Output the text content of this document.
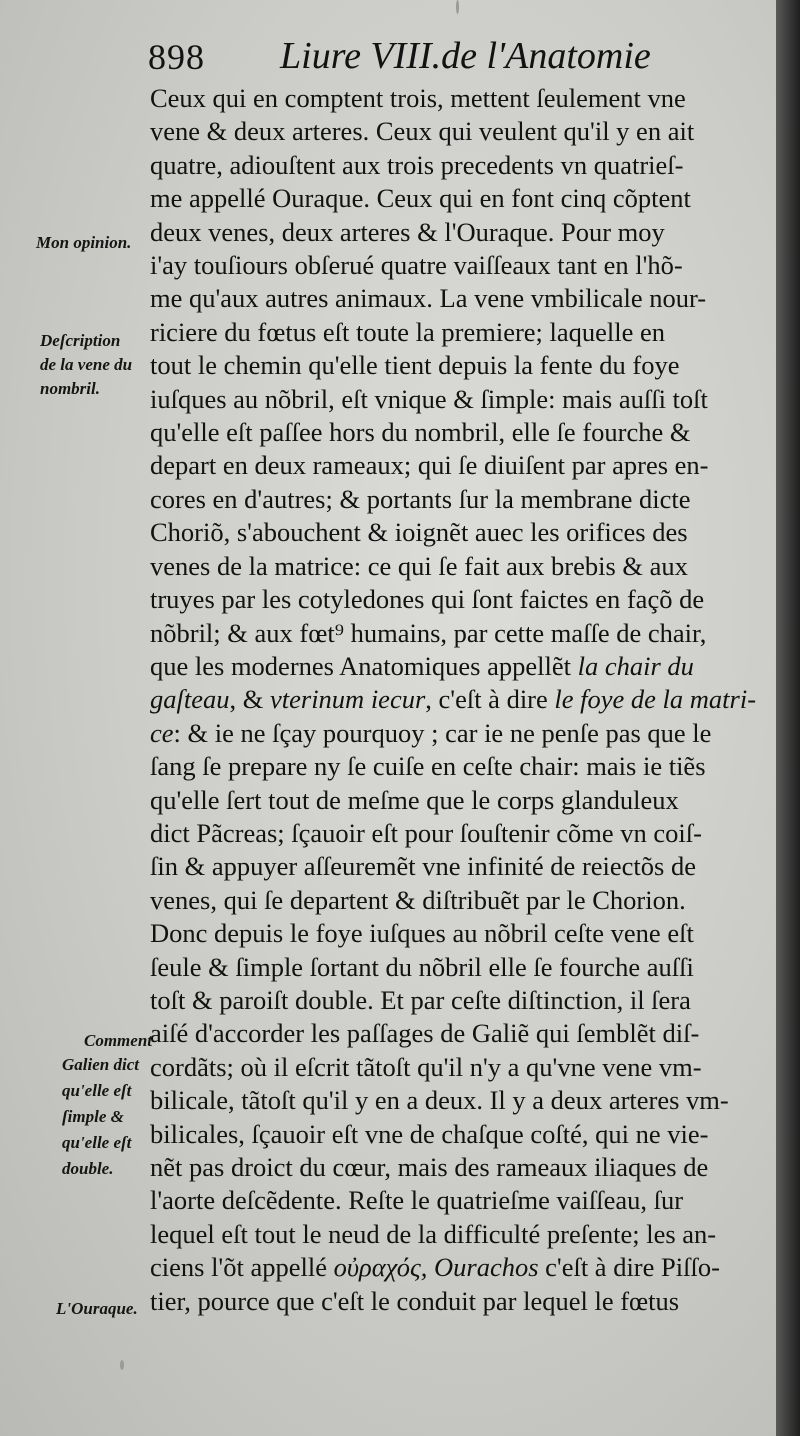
898 Liure VIII.de l'Anatomie
Mon opinion.
Deſcription
de la vene du
nombril.
Comment
Galien dict
qu'elle eſt
ſimple &
qu'elle eſt
double.
L'Ouraque.
Ceux qui en comptent trois, mettent ſeulement vne
vene & deux arteres. Ceux qui veulent qu'il y en ait
quatre, adiouſtent aux trois precedents vn quatrieſ-
me appellé Ouraque. Ceux qui en font cinq cõptent
deux venes, deux arteres & l'Ouraque. Pour moy
i'ay touſiours obſerué quatre vaiſſeaux tant en l'hõ-
me qu'aux autres animaux. La vene vmbilicale nour-
riciere du fœtus eſt toute la premiere; laquelle en
tout le chemin qu'elle tient depuis la fente du foye
iuſques au nõbril, eſt vnique & ſimple: mais auſſi toſt
qu'elle eſt paſſee hors du nombril, elle ſe fourche &
depart en deux rameaux; qui ſe diuiſent par apres en-
cores en d'autres; & portants ſur la membrane dicte
Choriõ, s'abouchent & ioignẽt auec les orifices des
venes de la matrice: ce qui ſe fait aux brebis & aux
truyes par les cotyledones qui ſont faictes en façõ de
nõbril; & aux fœt⁹ humains, par cette maſſe de chair,
que les modernes Anatomiques appellẽt la chair du
gaſteau, & vterinum iecur, c'eſt à dire le foye de la matri-
ce: & ie ne ſçay pourquoy ; car ie ne penſe pas que le
ſang ſe prepare ny ſe cuiſe en ceſte chair: mais ie tiẽs
qu'elle ſert tout de meſme que le corps glanduleux
dict Pãcreas; ſçauoir eſt pour ſouſtenir cõme vn coiſ-
ſin & appuyer aſſeuremẽt vne infinité de reiectõs de
venes, qui ſe departent & diſtribuẽt par le Chorion.
Donc depuis le foye iuſques au nõbril ceſte vene eſt
ſeule & ſimple ſortant du nõbril elle ſe fourche auſſi
toſt & paroiſt double. Et par ceſte diſtinction, il ſera
aiſé d'accorder les paſſages de Galiẽ qui ſemblẽt diſ-
cordãts; où il eſcrit tãtoſt qu'il n'y a qu'vne vene vm-
bilicale, tãtoſt qu'il y en a deux. Il y a deux arteres vm-
bilicales, ſçauoir eſt vne de chaſque coſté, qui ne vie-
nẽt pas droict du cœur, mais des rameaux iliaques de
l'aorte deſcẽdente. Reſte le quatrieſme vaiſſeau, ſur
lequel eſt tout le neud de la difficulté preſente; les an-
ciens l'õt appellé οὐραχός, Ourachos c'eſt à dire Piſſo-
tier, pource que c'eſt le conduit par lequel le fœtus
